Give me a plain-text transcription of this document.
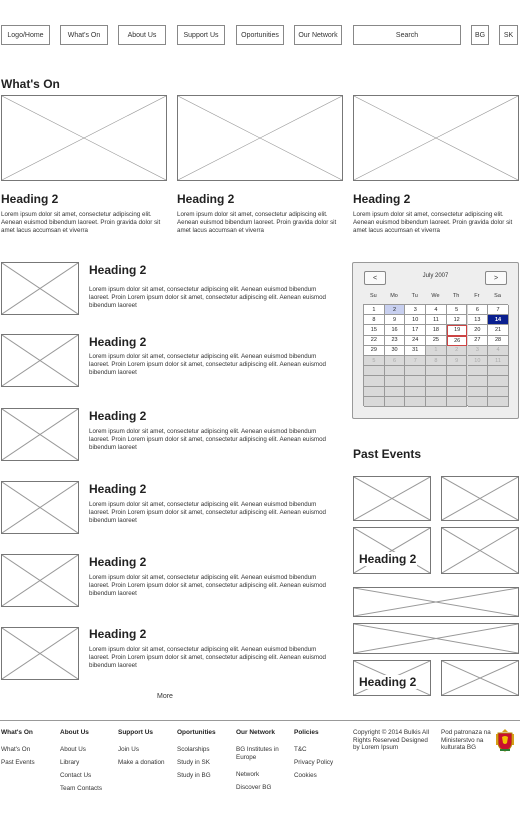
Logo/Home	What's On	About Us	Support Us	Oportunities	Our Network	Search	BG	SK
What's On
Heading 2
Lorem ipsum dolor sit amet, consectetur adipiscing elit. Aenean euismod bibendum laoreet. Proin gravida dolor sit amet lacus accumsan et viverra
Heading 2
Lorem ipsum dolor sit amet, consectetur adipiscing elit. Aenean euismod bibendum laoreet. Proin gravida dolor sit amet lacus accumsan et viverra
Heading 2
Lorem ipsum dolor sit amet, consectetur adipiscing elit. Aenean euismod bibendum laoreet. Proin gravida dolor sit amet lacus accumsan et viverra
Heading 2
Lorem ipsum dolor sit amet, consectetur adipiscing elit. Aenean euismod bibendum laoreet. Proin Lorem ipsum dolor sit amet, consectetur adipiscing elit. Aenean euismod bibendum laoreet
Heading 2
Lorem ipsum dolor sit amet, consectetur adipiscing elit. Aenean euismod bibendum laoreet. Proin Lorem ipsum dolor sit amet, consectetur adipiscing elit. Aenean euismod bibendum laoreet
Heading 2
Lorem ipsum dolor sit amet, consectetur adipiscing elit. Aenean euismod bibendum laoreet. Proin Lorem ipsum dolor sit amet, consectetur adipiscing elit. Aenean euismod bibendum laoreet
Heading 2
Lorem ipsum dolor sit amet, consectetur adipiscing elit. Aenean euismod bibendum laoreet. Proin Lorem ipsum dolor sit amet, consectetur adipiscing elit. Aenean euismod bibendum laoreet
Heading 2
Lorem ipsum dolor sit amet, consectetur adipiscing elit. Aenean euismod bibendum laoreet. Proin Lorem ipsum dolor sit amet, consectetur adipiscing elit. Aenean euismod bibendum laoreet
Heading 2
Lorem ipsum dolor sit amet, consectetur adipiscing elit. Aenean euismod bibendum laoreet. Proin Lorem ipsum dolor sit amet, consectetur adipiscing elit. Aenean euismod bibendum laoreet
More
<	July 2007	>
Su	Mo	Tu	We	Th	Fr	Sa
1	2	3	4	5	6	7
8	9	10	11	12	13	14
15	16	17	18	19	20	21
22	23	24	25	26	27	28
29	30	31	1	2	3	4
5	6	7	8	9	10	11
Past Events
Heading 2
Heading 2
What's On
What's On
Past Events
About Us
About Us
Library
Contact Us
Team Contacts
Support Us
Join Us
Make a donation
Oportunities
Scolarships
Study in SK
Study in BG
Our Network
BG Institutes in Europe
Network
Discover BG
Policies
T&C
Privacy Policy
Cookies
Copyright © 2014 Bulkis All Rights Reserved Designed by Lorem Ipsum
Pod patronaza na Ministerstvo na kulturata BG
